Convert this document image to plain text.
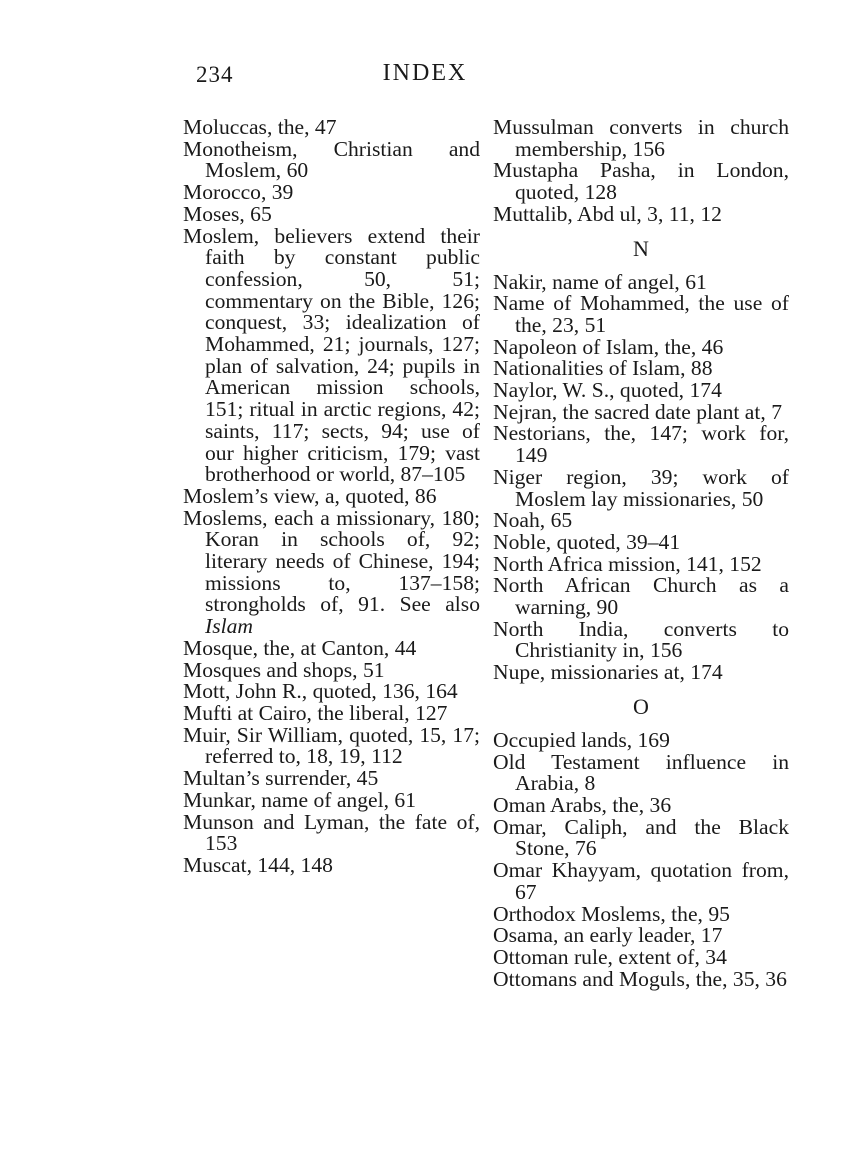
234	INDEX

Moluccas, the, 47

Monotheism, Christian and Moslem, 60

Morocco, 39

Moses, 65

Moslem, believers extend their faith by constant public confession, 50, 51; commentary on the Bible, 126; conquest, 33; idealization of Mohammed, 21; journals, 127; plan of salvation, 24; pupils in American mission schools, 151; ritual in arctic regions, 42; saints, 117; sects, 94; use of our higher criticism, 179; vast brotherhood or world, 87–105

Moslem’s view, a, quoted, 86

Moslems, each a missionary, 180; Koran in schools of, 92; literary needs of Chinese, 194; missions to, 137–158; strongholds of, 91. See also Islam

Mosque, the, at Canton, 44

Mosques and shops, 51

Mott, John R., quoted, 136, 164

Mufti at Cairo, the liberal, 127

Muir, Sir William, quoted, 15, 17; referred to, 18, 19, 112

Multan’s surrender, 45

Munkar, name of angel, 61

Munson and Lyman, the fate of, 153

Muscat, 144, 148

Mussulman converts in church membership, 156

Mustapha Pasha, in London, quoted, 128

Muttalib, Abd ul, 3, 11, 12

N

Nakir, name of angel, 61

Name of Mohammed, the use of the, 23, 51

Napoleon of Islam, the, 46

Nationalities of Islam, 88

Naylor, W. S., quoted, 174

Nejran, the sacred date plant at, 7

Nestorians, the, 147; work for, 149

Niger region, 39; work of Moslem lay missionaries, 50

Noah, 65

Noble, quoted, 39–41

North Africa mission, 141, 152

North African Church as a warning, 90

North India, converts to Christianity in, 156

Nupe, missionaries at, 174

O

Occupied lands, 169

Old Testament influence in Arabia, 8

Oman Arabs, the, 36

Omar, Caliph, and the Black Stone, 76

Omar Khayyam, quotation from, 67

Orthodox Moslems, the, 95

Osama, an early leader, 17

Ottoman rule, extent of, 34

Ottomans and Moguls, the, 35, 36
